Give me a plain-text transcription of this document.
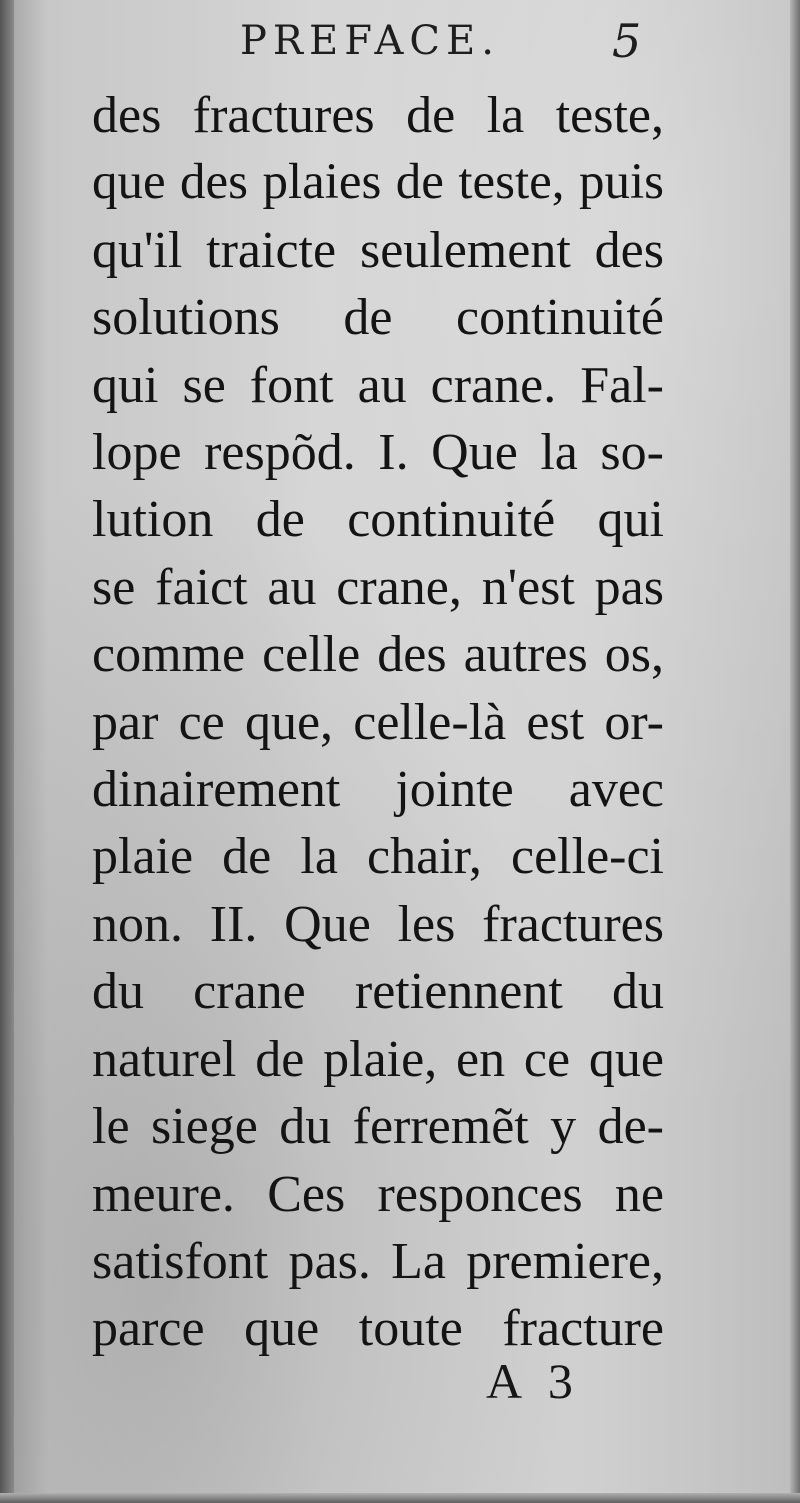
PREFACE. 5
des fractures de la teste,
que des plaies de teste, puis
qu'il traicte seulement des
solutions de continuité
qui se font au crane. Fal-
lope respõd. I. Que la so-
lution de continuité qui
se faict au crane, n'est pas
comme celle des autres os,
par ce que, celle-là est or-
dinairement jointe avec
plaie de la chair, celle-ci
non. II. Que les fractures
du crane retiennent du
naturel de plaie, en ce que
le siege du ferremẽt y de-
meure. Ces responces ne
satisfont pas. La premiere,
parce que toute fracture
A 3
